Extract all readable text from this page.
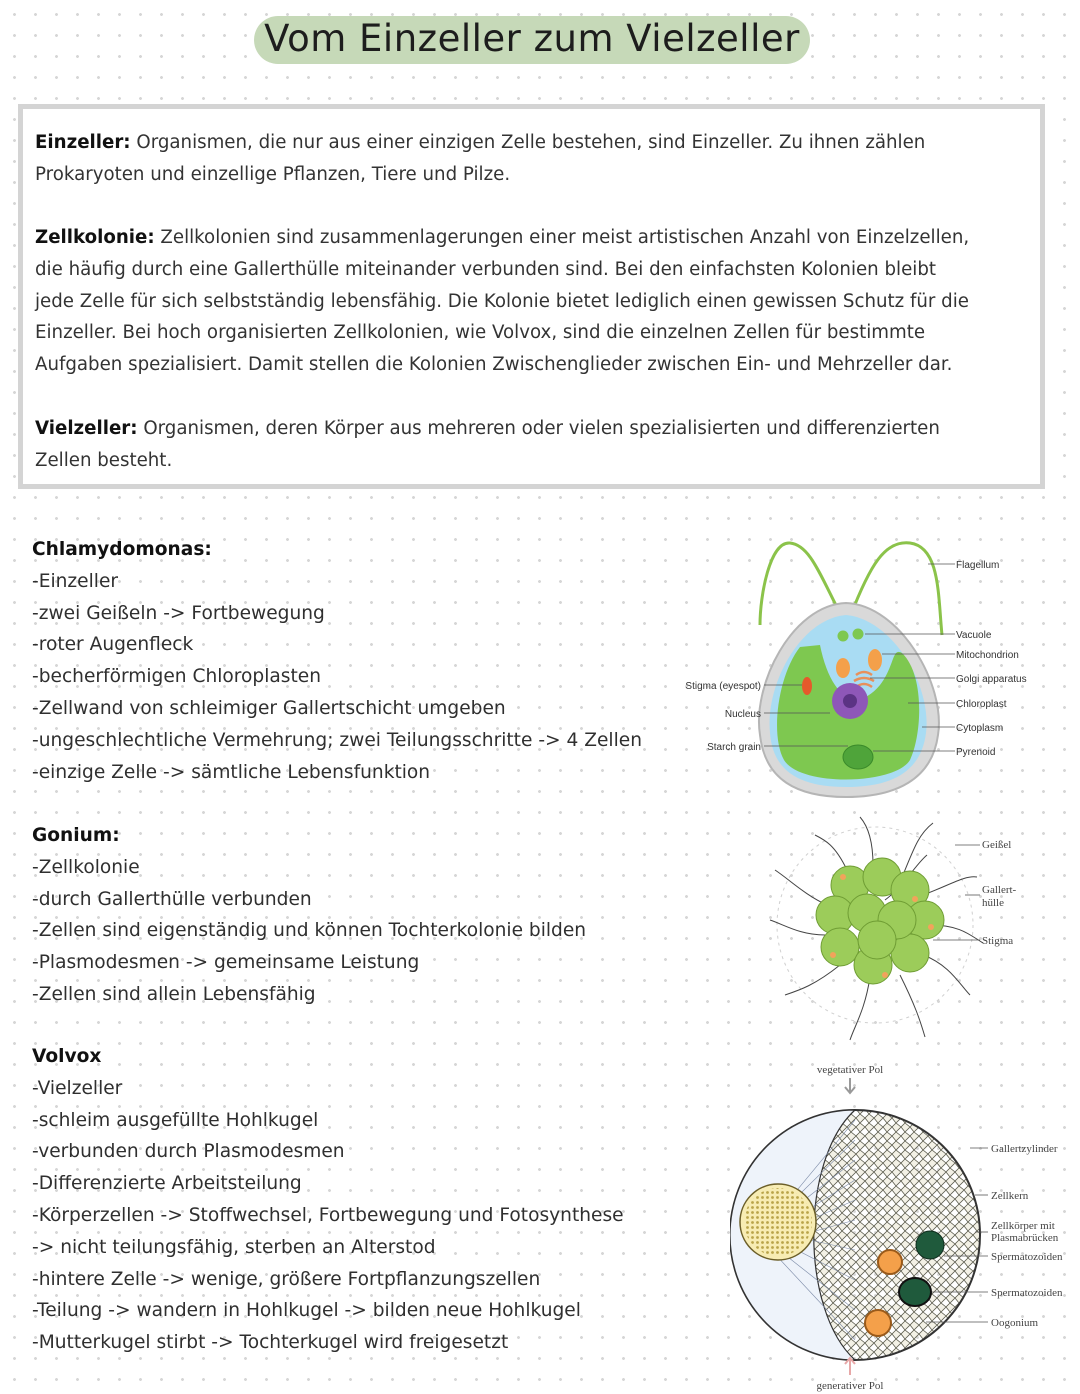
Vom Einzeller zum Vielzeller
Einzeller: Organismen, die nur aus einer einzigen Zelle bestehen, sind Einzeller. Zu ihnen zählen
Prokaryoten und einzellige Pflanzen, Tiere und Pilze.
Zellkolonie: Zellkolonien sind zusammenlagerungen einer meist artistischen Anzahl von Einzelzellen,
die häufig durch eine Gallerthülle miteinander verbunden sind. Bei den einfachsten Kolonien bleibt
jede Zelle für sich selbstständig lebensfähig. Die Kolonie bietet lediglich einen gewissen Schutz für die
Einzeller. Bei hoch organisierten Zellkolonien, wie Volvox, sind die einzelnen Zellen für bestimmte
Aufgaben spezialisiert. Damit stellen die Kolonien Zwischenglieder zwischen Ein- und Mehrzeller dar.
Vielzeller: Organismen, deren Körper aus mehreren oder vielen spezialisierten und differenzierten
Zellen besteht.
Chlamydomonas:
-Einzeller
-zwei Geißeln -> Fortbewegung
-roter Augenfleck
-becherförmigen Chloroplasten
-Zellwand von schleimiger Gallertschicht umgeben
-ungeschlechtliche Vermehrung; zwei Teilungsschritte -> 4 Zellen
-einzige Zelle -> sämtliche Lebensfunktion
Gonium:
-Zellkolonie
-durch Gallerthülle verbunden
-Zellen sind eigenständig und können Tochterkolonie bilden
-Plasmodesmen -> gemeinsame Leistung
-Zellen sind allein Lebensfähig
Volvox
-Vielzeller
-schleim ausgefüllte Hohlkugel
-verbunden durch Plasmodesmen
-Differenzierte Arbeitsteilung
-Körperzellen -> Stoffwechsel, Fortbewegung und Fotosynthese
-> nicht teilungsfähig, sterben an Alterstod
-hintere Zelle -> wenige, größere Fortpflanzungszellen
-Teilung -> wandern in Hohlkugel -> bilden neue Hohlkugel
-Mutterkugel stirbt -> Tochterkugel wird freigesetzt
Flagellum
Vacuole
Mitochondrion
Golgi apparatus
Chloroplast
Cytoplasm
Pyrenoid
Stigma (eyespot)
Nucleus
Starch grain
Geißel
Gallert-
hülle
Stigma
vegetativer Pol
Gallertzylinder
Zellkern
Zellkörper mit
Plasmabrücken
Spermatozoiden
Spermatozoiden
Oogonium
generativer Pol
